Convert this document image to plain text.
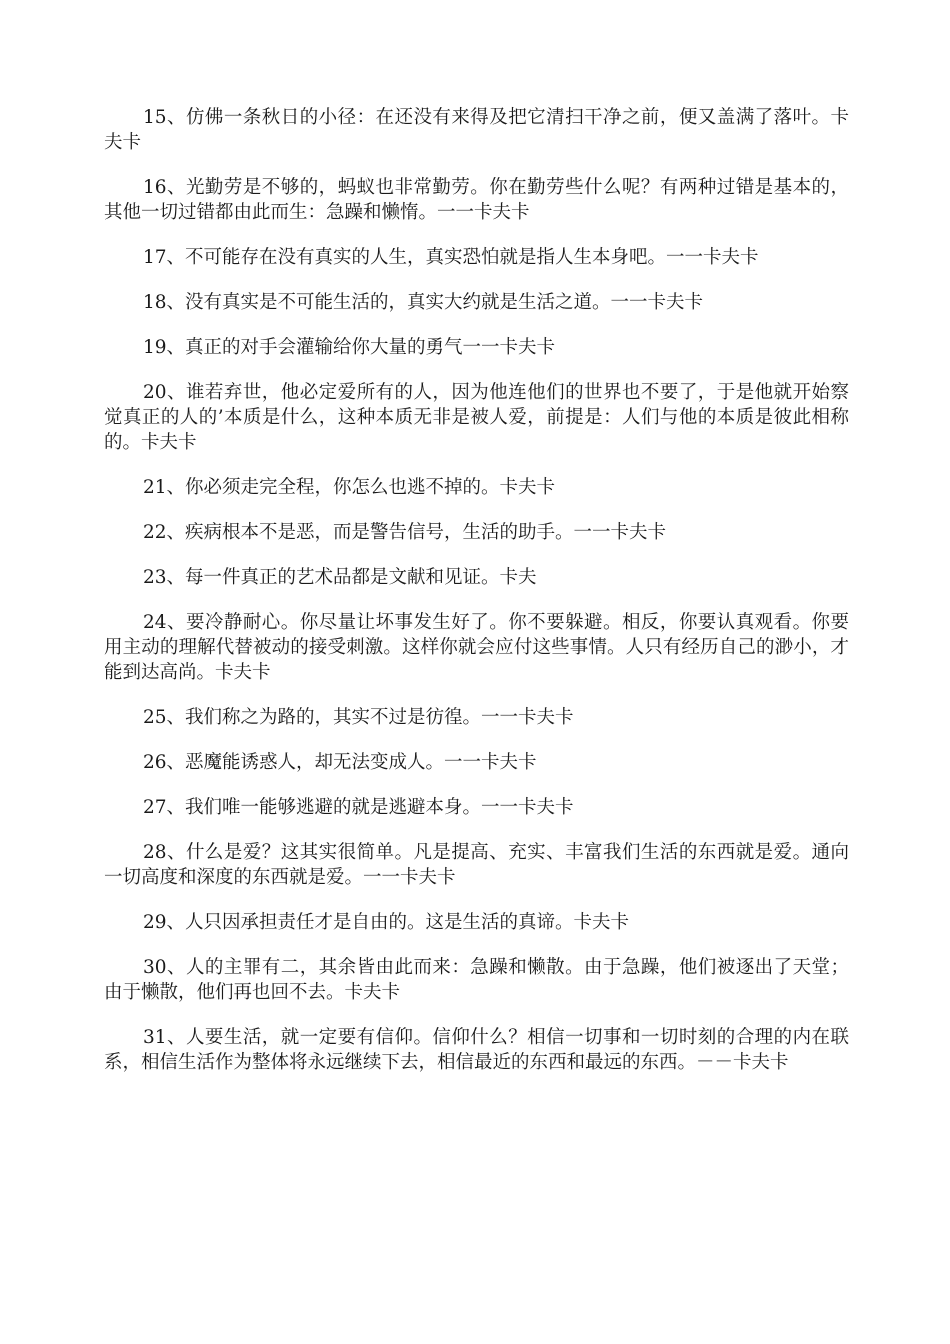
15、仿佛一条秋日的小径：在还没有来得及把它清扫干净之前，便又盖满了落叶。卡夫卡

16、光勤劳是不够的，蚂蚁也非常勤劳。你在勤劳些什么呢？有两种过错是基本的，其他一切过错都由此而生：急躁和懒惰。一一卡夫卡

17、不可能存在没有真实的人生，真实恐怕就是指人生本身吧。一一卡夫卡

18、没有真实是不可能生活的，真实大约就是生活之道。一一卡夫卡

19、真正的对手会灌输给你大量的勇气一一卡夫卡

20、谁若弃世，他必定爱所有的人，因为他连他们的世界也不要了，于是他就开始察觉真正的人的’本质是什么，这种本质无非是被人爱，前提是：人们与他的本质是彼此相称的。卡夫卡

21、你必须走完全程，你怎么也逃不掉的。卡夫卡

22、疾病根本不是恶，而是警告信号，生活的助手。一一卡夫卡

23、每一件真正的艺术品都是文献和见证。卡夫

24、要冷静耐心。你尽量让坏事发生好了。你不要躲避。相反，你要认真观看。你要用主动的理解代替被动的接受刺激。这样你就会应付这些事情。人只有经历自己的渺小，才能到达高尚。卡夫卡

25、我们称之为路的，其实不过是彷徨。一一卡夫卡

26、恶魔能诱惑人，却无法变成人。一一卡夫卡

27、我们唯一能够逃避的就是逃避本身。一一卡夫卡

28、什么是爱？这其实很简单。凡是提高、充实、丰富我们生活的东西就是爱。通向一切高度和深度的东西就是爱。一一卡夫卡

29、人只因承担责任才是自由的。这是生活的真谛。卡夫卡

30、人的主罪有二，其余皆由此而来：急躁和懒散。由于急躁，他们被逐出了天堂；由于懒散，他们再也回不去。卡夫卡

31、人要生活，就一定要有信仰。信仰什么？相信一切事和一切时刻的合理的内在联系，相信生活作为整体将永远继续下去，相信最近的东西和最远的东西。－－卡夫卡
